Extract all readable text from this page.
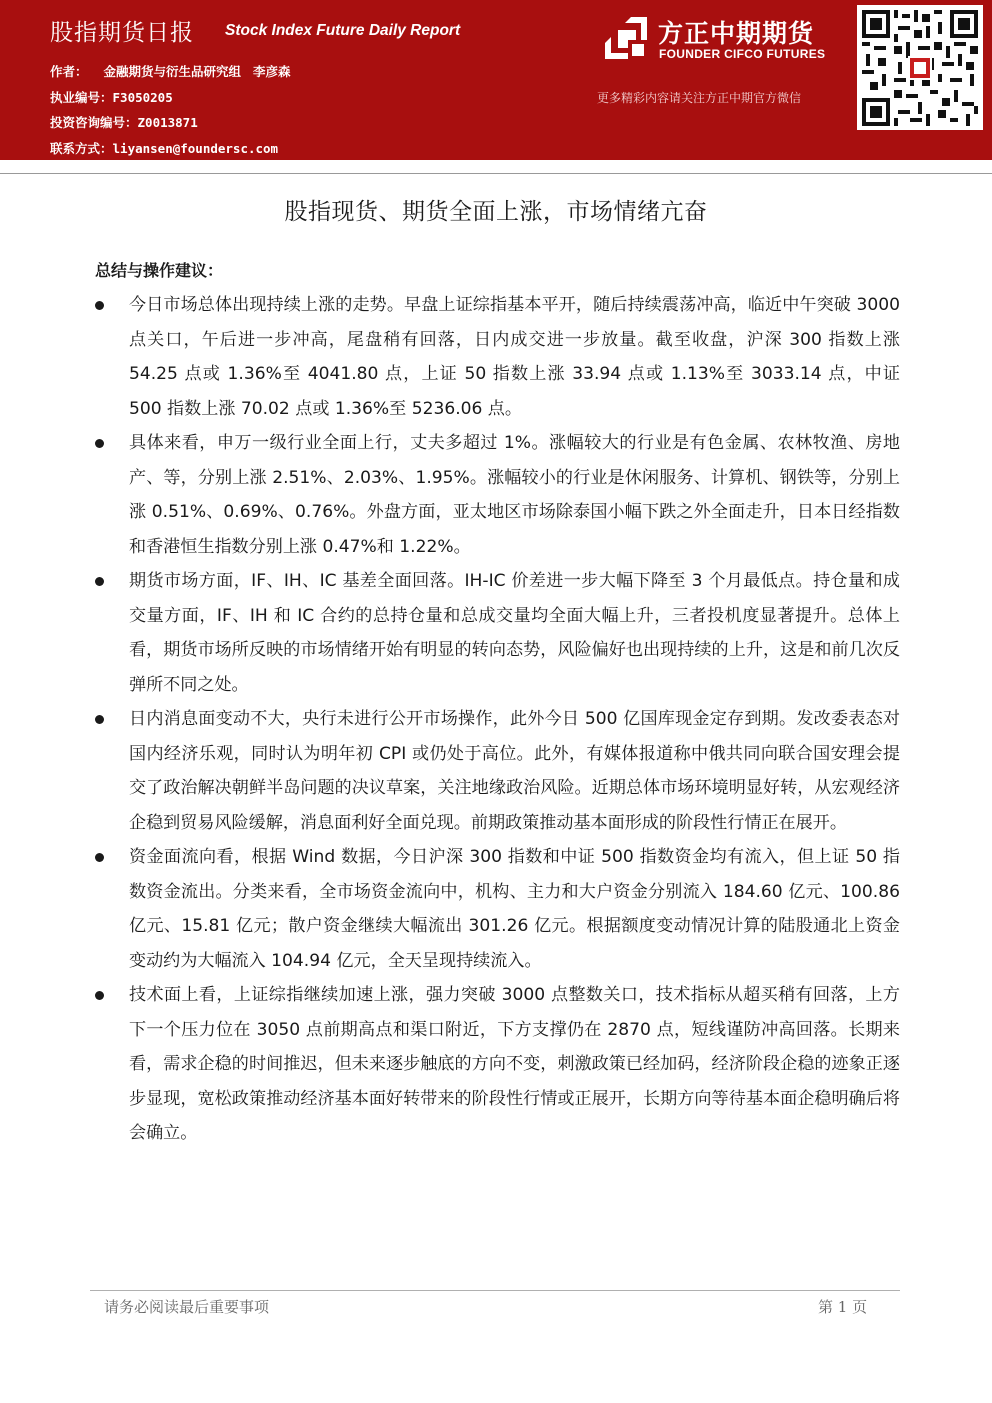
股指期货日报 Stock Index Future Daily Report
作者： 金融期货与衍生品研究组 李彦森
执业编号：F3050205
投资咨询编号：Z0013871
联系方式：liyansen@foundersc.com
方正中期期货
FOUNDER CIFCO FUTURES
更多精彩内容请关注方正中期官方微信
股指现货、期货全面上涨，市场情绪亢奋
总结与操作建议：
今日市场总体出现持续上涨的走势。早盘上证综指基本平开，随后持续震荡冲高，临近中午突破 3000 点关口，午后进一步冲高，尾盘稍有回落，日内成交进一步放量。截至收盘，沪深 300 指数上涨 54.25 点或 1.36%至 4041.80 点，上证 50 指数上涨 33.94 点或 1.13%至 3033.14 点，中证 500 指数上涨 70.02 点或 1.36%至 5236.06 点。
具体来看，申万一级行业全面上行，丈夫多超过 1%。涨幅较大的行业是有色金属、农林牧渔、房地产、等，分别上涨 2.51%、2.03%、1.95%。涨幅较小的行业是休闲服务、计算机、钢铁等，分别上涨 0.51%、0.69%、0.76%。外盘方面，亚太地区市场除泰国小幅下跌之外全面走升，日本日经指数和香港恒生指数分别上涨 0.47%和 1.22%。
期货市场方面，IF、IH、IC 基差全面回落。IH-IC 价差进一步大幅下降至 3 个月最低点。持仓量和成交量方面，IF、IH 和 IC 合约的总持仓量和总成交量均全面大幅上升，三者投机度显著提升。总体上看，期货市场所反映的市场情绪开始有明显的转向态势，风险偏好也出现持续的上升，这是和前几次反弹所不同之处。
日内消息面变动不大，央行未进行公开市场操作，此外今日 500 亿国库现金定存到期。发改委表态对国内经济乐观，同时认为明年初 CPI 或仍处于高位。此外，有媒体报道称中俄共同向联合国安理会提交了政治解决朝鲜半岛问题的决议草案，关注地缘政治风险。近期总体市场环境明显好转，从宏观经济企稳到贸易风险缓解，消息面利好全面兑现。前期政策推动基本面形成的阶段性行情正在展开。
资金面流向看，根据 Wind 数据，今日沪深 300 指数和中证 500 指数资金均有流入，但上证 50 指数资金流出。分类来看，全市场资金流向中，机构、主力和大户资金分别流入 184.60 亿元、100.86 亿元、15.81 亿元；散户资金继续大幅流出 301.26 亿元。根据额度变动情况计算的陆股通北上资金变动约为大幅流入 104.94 亿元，全天呈现持续流入。
技术面上看，上证综指继续加速上涨，强力突破 3000 点整数关口，技术指标从超买稍有回落，上方下一个压力位在 3050 点前期高点和渠口附近，下方支撑仍在 2870 点，短线谨防冲高回落。长期来看，需求企稳的时间推迟，但未来逐步触底的方向不变，刺激政策已经加码，经济阶段企稳的迹象正逐步显现，宽松政策推动经济基本面好转带来的阶段性行情或正展开，长期方向等待基本面企稳明确后将会确立。
请务必阅读最后重要事项	第 1 页
